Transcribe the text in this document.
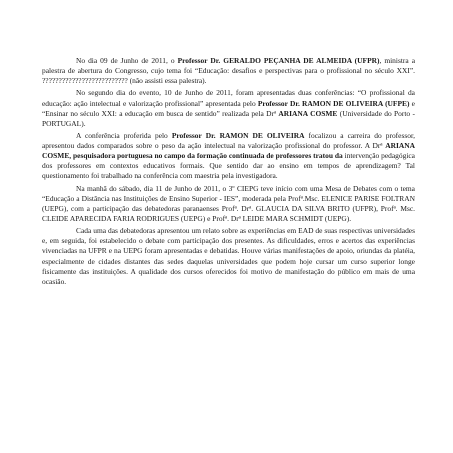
No dia 09 de Junho de 2011, o Professor Dr. GERALDO PEÇANHA DE ALMEIDA (UFPR), ministra a palestra de abertura do Congresso, cujo tema foi “Educação: desafios e perspectivas para o profissional no século XXI”. ?????????????????????????? (não assisti essa palestra).

No segundo dia do evento, 10 de Junho de 2011, foram apresentadas duas conferências: “O profissional da educação: ação intelectual e valorização profissional” apresentada pelo Professor Dr. RAMON DE OLIVEIRA (UFPE) e “Ensinar no século XXI: a educação em busca de sentido” realizada pela Drª ARIANA COSME (Universidade do Porto - PORTUGAL).

A conferência proferida pelo Professor Dr. RAMON DE OLIVEIRA focalizou a carreira do professor, apresentou dados comparados sobre o peso da ação intelectual na valorização profissional do professor. A Drª ARIANA COSME, pesquisadora portuguesa no campo da formação continuada de professores tratou da intervenção pedagógica dos professores em contextos educativos formais. Que sentido dar ao ensino em tempos de aprendizagem? Tal questionamento foi trabalhado na conferência com maestria pela investigadora.

Na manhã do sábado, dia 11 de Junho de 2011, o 3º CIEPG teve início com uma Mesa de Debates com o tema “Educação a Distância nas Instituições de Ensino Superior - IES”, moderada pela Profª.Msc. ELENICE PARISE FOLTRAN (UEPG), com a participação das debatedoras paranaenses Profª. Drª. GLAUCIA DA SILVA BRITO (UFPR), Profª. Msc. CLEIDE APARECIDA FARIA RODRIGUES (UEPG) e Profª. Drª LEIDE MARA SCHMIDT (UEPG).

Cada uma das debatedoras apresentou um relato sobre as experiências em EAD de suas respectivas universidades e, em seguida, foi estabelecido o debate com participação dos presentes. As dificuldades, erros e acertos das experiências vivenciadas na UFPR e na UEPG foram apresentadas e debatidas. Houve várias manifestações de apoio, oriundas da platéia, especialmente de cidades distantes das sedes daquelas universidades que podem hoje cursar um curso superior longe fisicamente das instituições. A qualidade dos cursos oferecidos foi motivo de manifestação do público em mais de uma ocasião.
